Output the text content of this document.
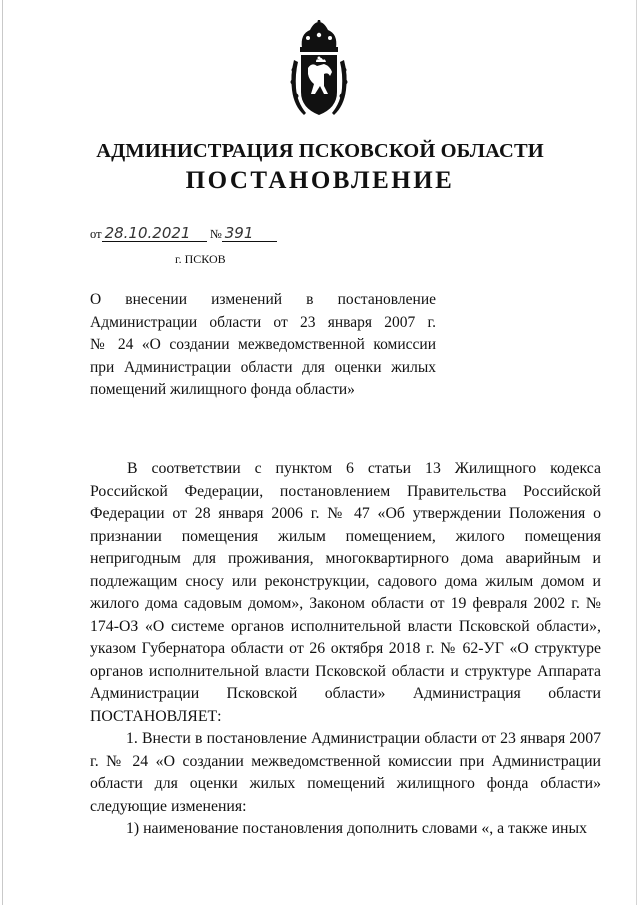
АДМИНИСТРАЦИЯ ПСКОВСКОЙ ОБЛАСТИ
ПОСТАНОВЛЕНИЕ
от 28.10.2021 № 391
г. ПСКОВ

О внесении изменений в постановление

Администрации области от 23 января 2007 г.

№ 24 «О создании межведомственной комиссии

при Администрации области для оценки жилых

помещений жилищного фонда области»

В соответствии с пунктом 6 статьи 13 Жилищного кодекса Российской Федерации, постановлением Правительства Российской Федерации от 28 января 2006 г. № 47 «Об утверждении Положения о признании помещения жилым помещением, жилого помещения непригодным для проживания, многоквартирного дома аварийным и подлежащим сносу или реконструкции, садового дома жилым домом и жилого дома садовым домом», Законом области от 19 февраля 2002 г. № 174-ОЗ «О системе органов исполнительной власти Псковской области», указом Губернатора области от 26 октября 2018 г. № 62-УГ «О структуре органов исполнительной власти Псковской области и структуре Аппарата Администрации Псковской области» Администрация области ПОСТАНОВЛЯЕТ:

1. Внести в постановление Администрации области от 23 января 2007 г. № 24 «О создании межведомственной комиссии при Администрации области для оценки жилых помещений жилищного фонда области» следующие изменения:

1) наименование постановления дополнить словами «, а также иных
